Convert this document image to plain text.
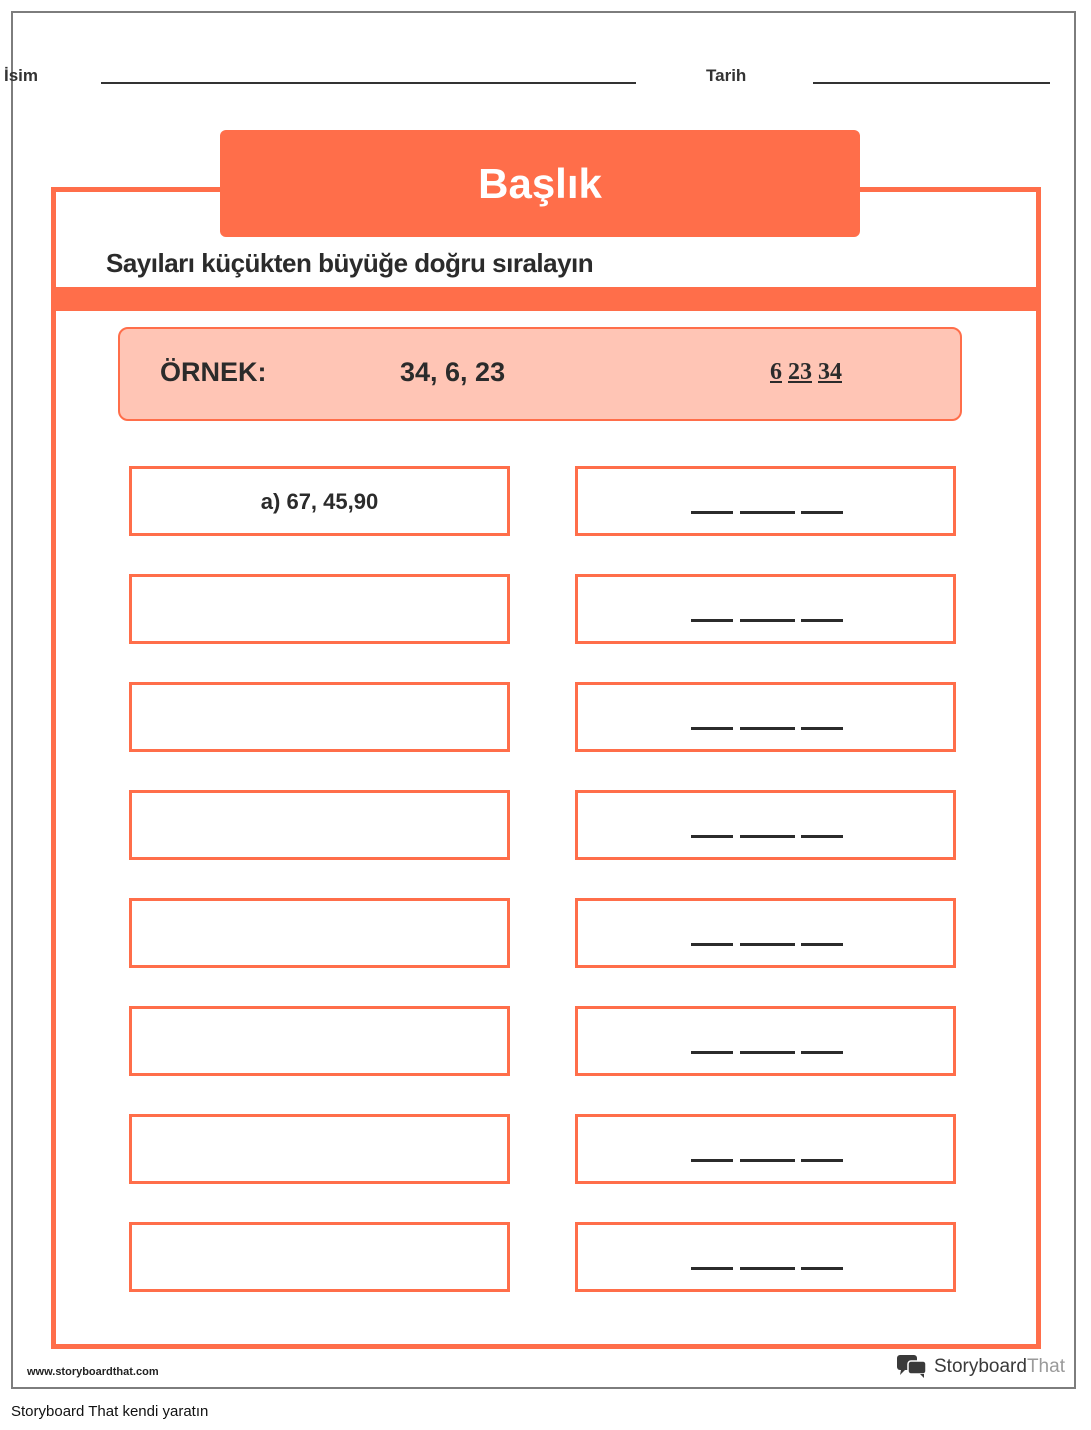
İsim	Tarih
Başlık
Sayıları küçükten büyüğe doğru sıralayın
ÖRNEK:	34, 6, 23	6 23 34
a) 67, 45,90
www.storyboardthat.com	StoryboardThat
Storyboard That kendi yaratın
